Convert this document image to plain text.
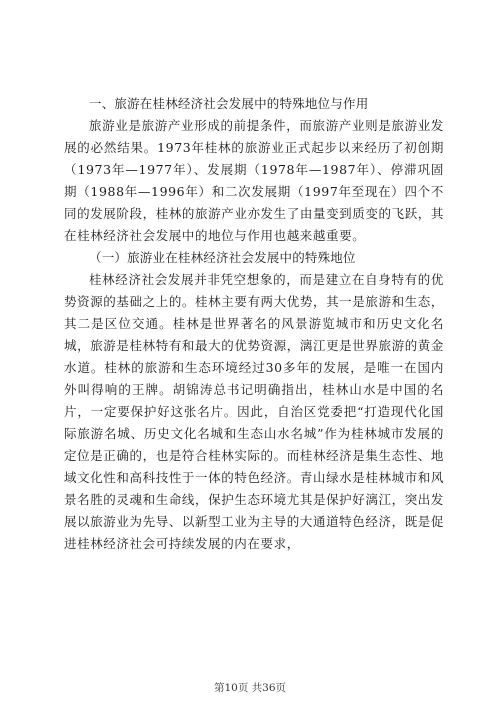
一、旅游在桂林经济社会发展中的特殊地位与作用

旅游业是旅游产业形成的前提条件，而旅游产业则是旅游业发展的必然结果。1973年桂林的旅游业正式起步以来经历了初创期（1973年—1977年）、发展期（1978年—1987年）、停滞巩固期（1988年—1996年）和二次发展期（1997年至现在）四个不同的发展阶段，桂林的旅游产业亦发生了由量变到质变的飞跃，其在桂林经济社会发展中的地位与作用也越来越重要。

（一）旅游业在桂林经济社会发展中的特殊地位

桂林经济社会发展并非凭空想象的，而是建立在自身特有的优势资源的基础之上的。桂林主要有两大优势，其一是旅游和生态，其二是区位交通。桂林是世界著名的风景游览城市和历史文化名城，旅游是桂林特有和最大的优势资源，漓江更是世界旅游的黄金水道。桂林的旅游和生态环境经过30多年的发展，是唯一在国内外叫得响的王牌。胡锦涛总书记明确指出，桂林山水是中国的名片，一定要保护好这张名片。因此，自治区党委把“打造现代化国际旅游名城、历史文化名城和生态山水名城”作为桂林城市发展的定位是正确的，也是符合桂林实际的。而桂林经济是集生态性、地域文化性和高科技性于一体的特色经济。青山绿水是桂林城市和风景名胜的灵魂和生命线，保护生态环境尤其是保护好漓江，突出发展以旅游业为先导、以新型工业为主导的大通道特色经济，既是促进桂林经济社会可持续发展的内在要求，

第10页 共36页
